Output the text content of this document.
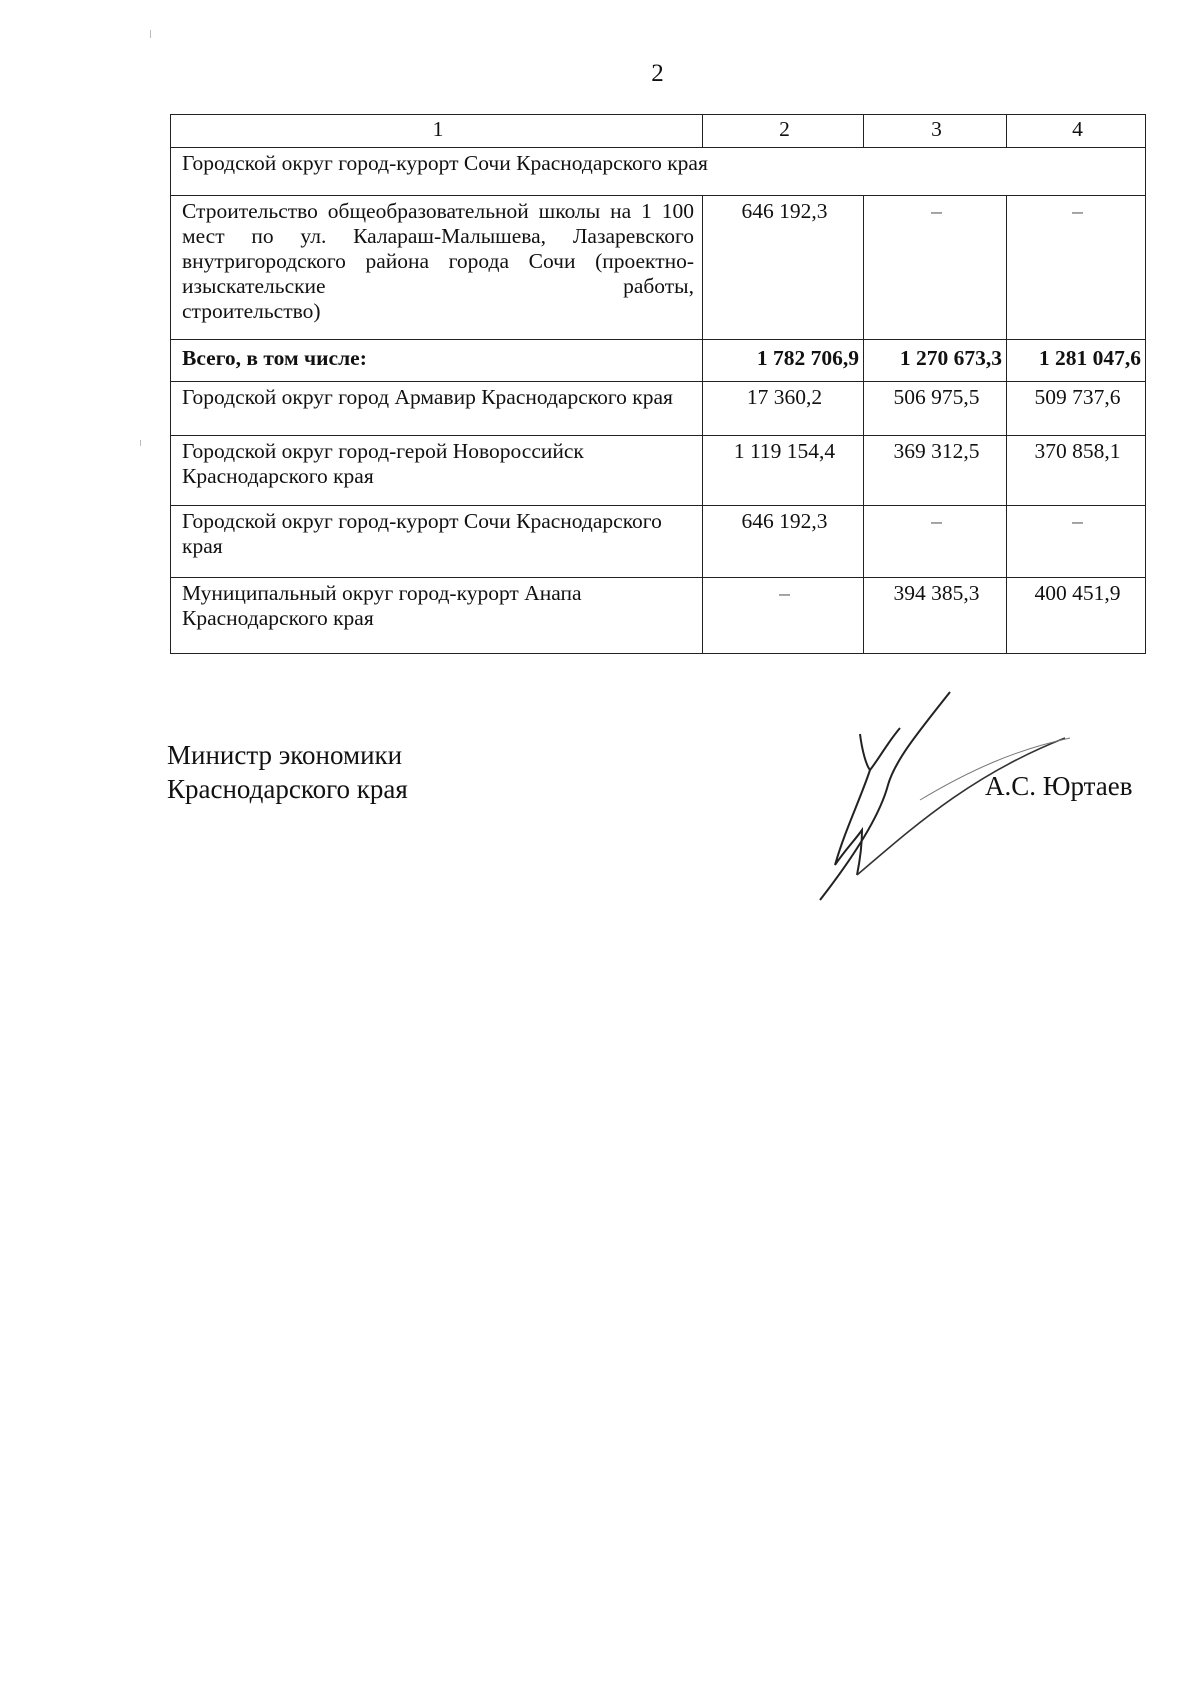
2
1	2	3	4
Городской округ город-курорт Сочи Краснодарского края			
Строительство общеобразовательной школы на 1 100 мест по ул. Калараш-Малышева, Лазаревского внутригородского района города Сочи (проектно-изыскательские работы,
строительство)	646 192,3	–	–
Всего, в том числе:	1 782 706,9	1 270 673,3	1 281 047,6
Городской округ город Армавир Краснодарского края	17 360,2	506 975,5	509 737,6
Городской округ город-герой Новороссийск Краснодарского края	1 119 154,4	369 312,5	370 858,1
Городской округ город-курорт Сочи Краснодарского края	646 192,3	–	–
Муниципальный округ город-курорт Анапа Краснодарского края	–	394 385,3	400 451,9
Министр экономики
Краснодарского края	А.С. Юртаев
